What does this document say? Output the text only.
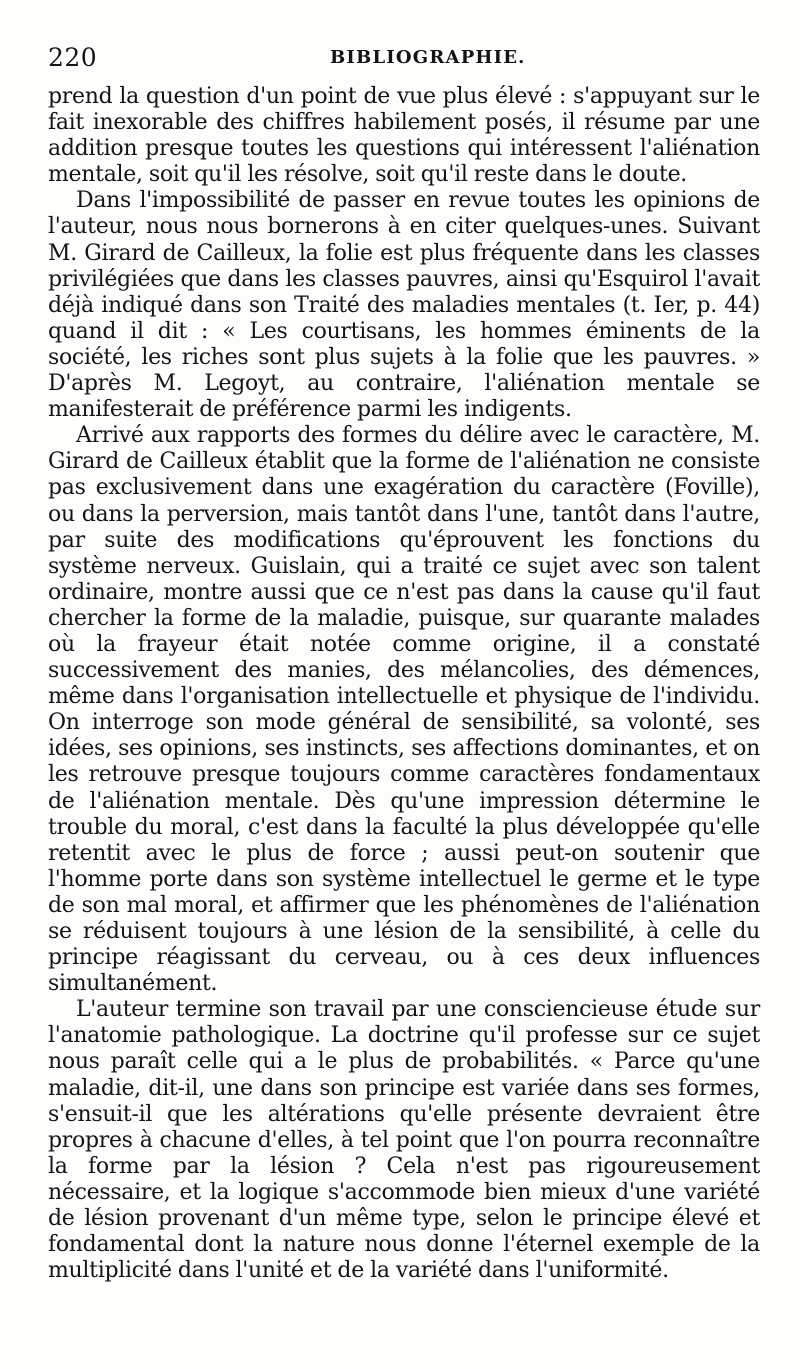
220	BIBLIOGRAPHIE.

prend la question d'un point de vue plus élevé : s'appuyant sur le fait inexorable des chiffres habilement posés, il résume par une addition presque toutes les questions qui intéressent l'aliénation mentale, soit qu'il les résolve, soit qu'il reste dans le doute.

Dans l'impossibilité de passer en revue toutes les opinions de l'auteur, nous nous bornerons à en citer quelques-unes. Suivant M. Girard de Cailleux, la folie est plus fréquente dans les classes privilégiées que dans les classes pauvres, ainsi qu'Esquirol l'avait déjà indiqué dans son Traité des maladies mentales (t. Ier, p. 44) quand il dit : « Les courtisans, les hommes éminents de la société, les riches sont plus sujets à la folie que les pauvres. » D'après M. Legoyt, au contraire, l'aliénation mentale se manifesterait de préférence parmi les indigents.

Arrivé aux rapports des formes du délire avec le caractère, M. Girard de Cailleux établit que la forme de l'aliénation ne consiste pas exclusivement dans une exagération du caractère (Foville), ou dans la perversion, mais tantôt dans l'une, tantôt dans l'autre, par suite des modifications qu'éprouvent les fonctions du système nerveux. Guislain, qui a traité ce sujet avec son talent ordinaire, montre aussi que ce n'est pas dans la cause qu'il faut chercher la forme de la maladie, puisque, sur quarante malades où la frayeur était notée comme origine, il a constaté successivement des manies, des mélancolies, des démences, même dans l'organisation intellectuelle et physique de l'individu. On interroge son mode général de sensibilité, sa volonté, ses idées, ses opinions, ses instincts, ses affections dominantes, et on les retrouve presque toujours comme caractères fondamentaux de l'aliénation mentale. Dès qu'une impression détermine le trouble du moral, c'est dans la faculté la plus développée qu'elle retentit avec le plus de force ; aussi peut-on soutenir que l'homme porte dans son système intellectuel le germe et le type de son mal moral, et affirmer que les phénomènes de l'aliénation se réduisent toujours à une lésion de la sensibilité, à celle du principe réagissant du cerveau, ou à ces deux influences simultanément.

L'auteur termine son travail par une consciencieuse étude sur l'anatomie pathologique. La doctrine qu'il professe sur ce sujet nous paraît celle qui a le plus de probabilités. « Parce qu'une maladie, dit-il, une dans son principe est variée dans ses formes, s'ensuit-il que les altérations qu'elle présente devraient être propres à chacune d'elles, à tel point que l'on pourra reconnaître la forme par la lésion ? Cela n'est pas rigoureusement nécessaire, et la logique s'accommode bien mieux d'une variété de lésion provenant d'un même type, selon le principe élevé et fondamental dont la nature nous donne l'éternel exemple de la multiplicité dans l'unité et de la variété dans l'uniformité.
